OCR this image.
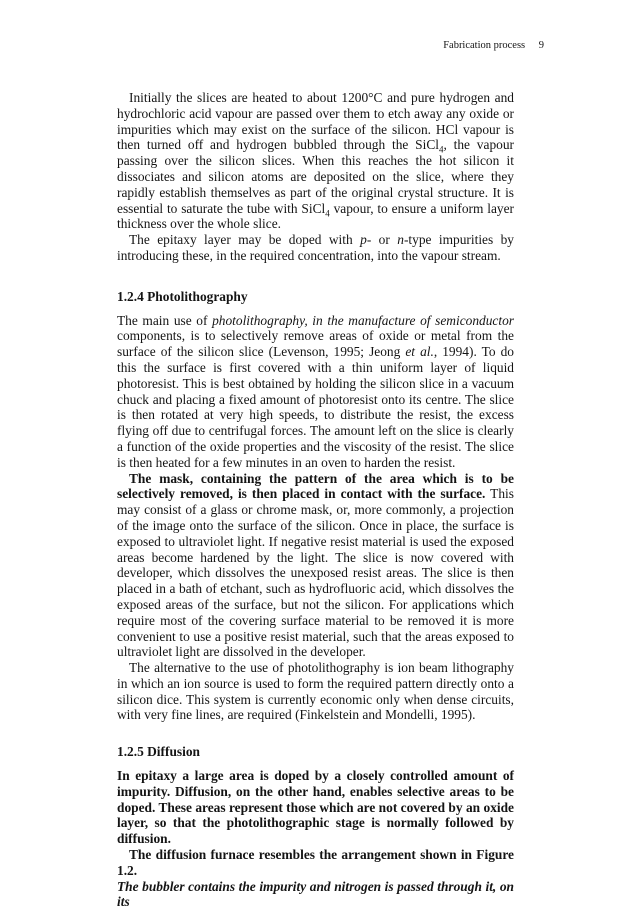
Fabrication process 9

Initially the slices are heated to about 1200°C and pure hydrogen and hydrochloric acid vapour are passed over them to etch away any oxide or impurities which may exist on the surface of the silicon. HCl vapour is then turned off and hydrogen bubbled through the SiCl$_4$, the vapour passing over the silicon slices. When this reaches the hot silicon it dissociates and silicon atoms are deposited on the slice, where they rapidly establish themselves as part of the original crystal structure. It is essential to saturate the tube with SiCl$_4$ vapour, to ensure a uniform layer thickness over the whole slice.

The epitaxy layer may be doped with p- or n-type impurities by introducing these, in the required concentration, into the vapour stream.

1.2.4 Photolithography

The main use of photolithography, in the manufacture of semiconductor components, is to selectively remove areas of oxide or metal from the surface of the silicon slice (Levenson, 1995; Jeong et al., 1994). To do this the surface is first covered with a thin uniform layer of liquid photoresist. This is best obtained by holding the silicon slice in a vacuum chuck and placing a fixed amount of photoresist onto its centre. The slice is then rotated at very high speeds, to distribute the resist, the excess flying off due to centrifugal forces. The amount left on the slice is clearly a function of the oxide properties and the viscosity of the resist. The slice is then heated for a few minutes in an oven to harden the resist.

The mask, containing the pattern of the area which is to be selectively removed, is then placed in contact with the surface. This may consist of a glass or chrome mask, or, more commonly, a projection of the image onto the surface of the silicon. Once in place, the surface is exposed to ultraviolet light. If negative resist material is used the exposed areas become hardened by the light. The slice is now covered with developer, which dissolves the unexposed resist areas. The slice is then placed in a bath of etchant, such as hydrofluoric acid, which dissolves the exposed areas of the surface, but not the silicon. For applications which require most of the covering surface material to be removed it is more convenient to use a positive resist material, such that the areas exposed to ultraviolet light are dissolved in the developer.

The alternative to the use of photolithography is ion beam lithography in which an ion source is used to form the required pattern directly onto a silicon dice. This system is currently economic only when dense circuits, with very fine lines, are required (Finkelstein and Mondelli, 1995).

1.2.5 Diffusion

In epitaxy a large area is doped by a closely controlled amount of impurity. Diffusion, on the other hand, enables selective areas to be doped. These areas represent those which are not covered by an oxide layer, so that the photolithographic stage is normally followed by diffusion.

The diffusion furnace resembles the arrangement shown in Figure 1.2.

The bubbler contains the impurity and nitrogen is passed through it, on its
